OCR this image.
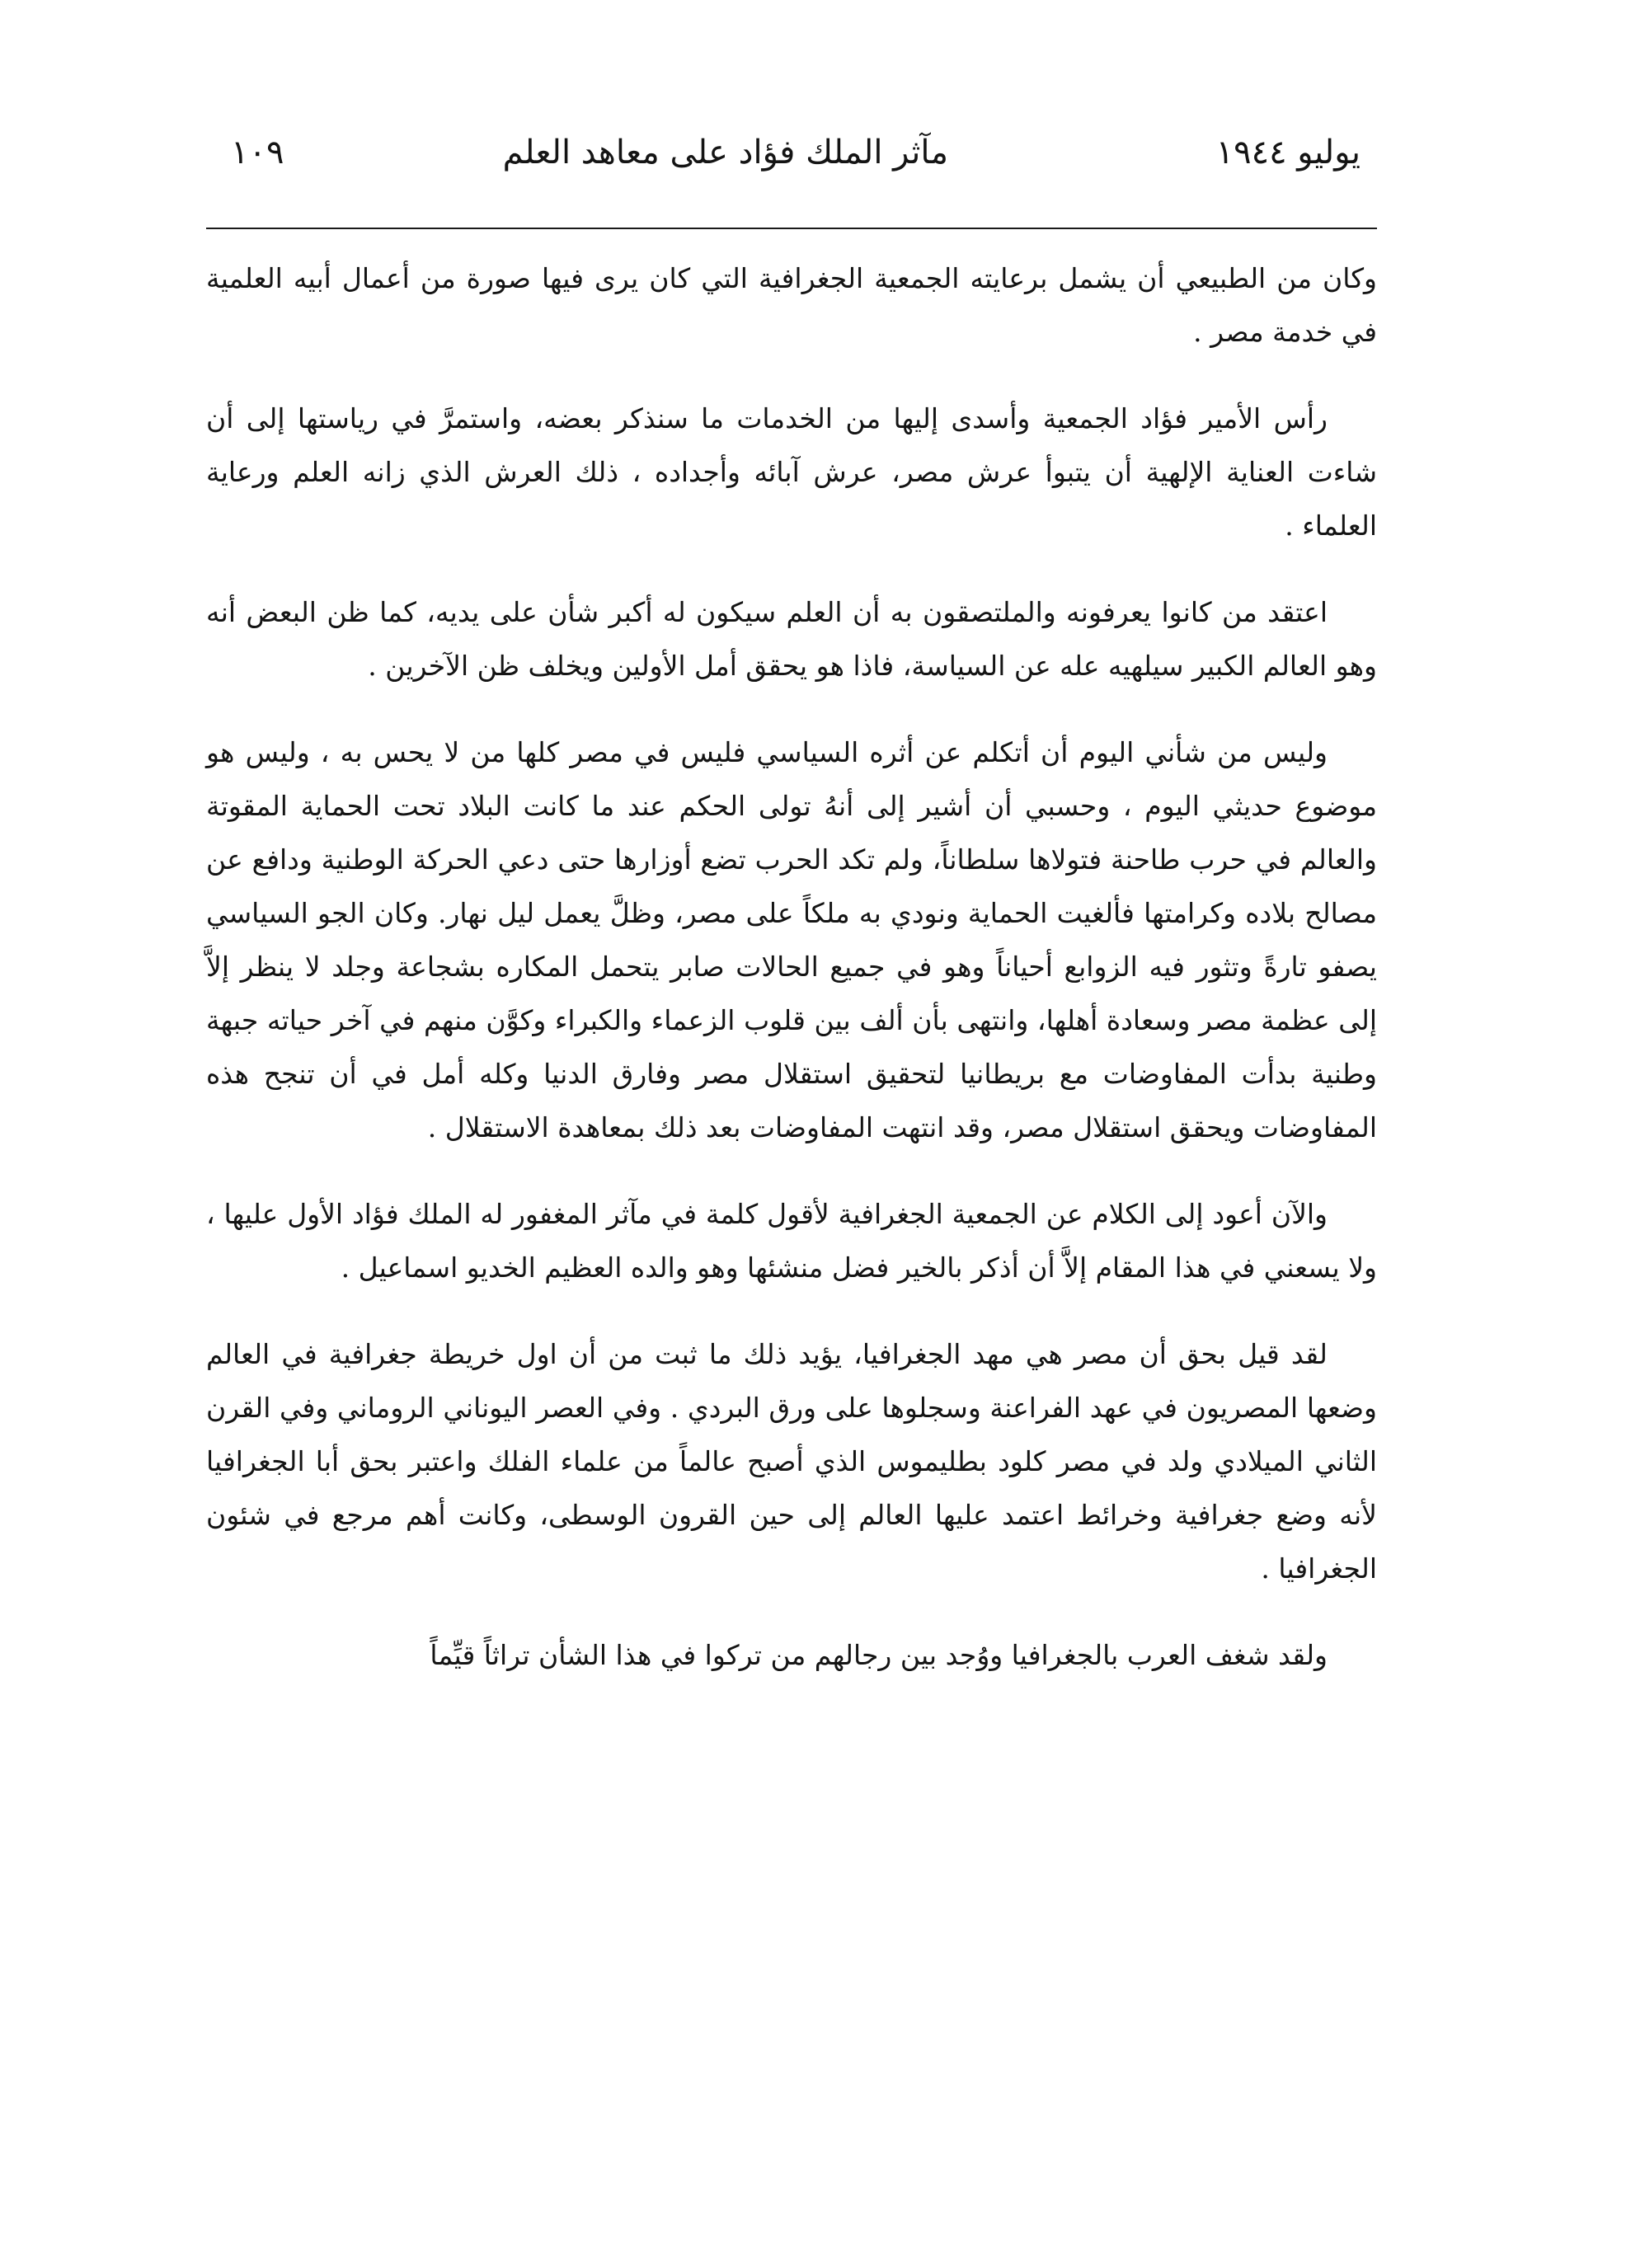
يوليو ١٩٤٤
مآثر الملك فؤاد على معاهد العلم
١٠٩

وكان من الطبيعي أن يشمل برعايته الجمعية الجغرافية التي كان يرى فيها صورة من أعمال أبيه العلمية في خدمة مصر .

رأس الأمير فؤاد الجمعية وأسدى إليها من الخدمات ما سنذكر بعضه، واستمرَّ في رياستها إلى أن شاءت العناية الإلهية أن يتبوأ عرش مصر، عرش آبائه وأجداده ، ذلك العرش الذي زانه العلم ورعاية العلماء .

اعتقد من كانوا يعرفونه والملتصقون به أن العلم سيكون له أكبر شأن على يديه، كما ظن البعض أنه وهو العالم الكبير سيلهيه عله عن السياسة، فاذا هو يحقق أمل الأولين ويخلف ظن الآخرين .

وليس من شأني اليوم أن أتكلم عن أثره السياسي فليس في مصر كلها من لا يحس به ، وليس هو موضوع حديثي اليوم ، وحسبي أن أشير إلى أنهُ تولى الحكم عند ما كانت البلاد تحت الحماية المقوتة والعالم في حرب طاحنة فتولاها سلطاناً، ولم تكد الحرب تضع أوزارها حتى دعي الحركة الوطنية ودافع عن مصالح بلاده وكرامتها فألغيت الحماية ونودي به ملكاً على مصر، وظلَّ يعمل ليل نهار. وكان الجو السياسي يصفو تارةً وتثور فيه الزوابع أحياناً وهو في جميع الحالات صابر يتحمل المكاره بشجاعة وجلد لا ينظر إلاَّ إلى عظمة مصر وسعادة أهلها، وانتهى بأن ألف بين قلوب الزعماء والكبراء وكوَّن منهم في آخر حياته جبهة وطنية بدأت المفاوضات مع بريطانيا لتحقيق استقلال مصر وفارق الدنيا وكله أمل في أن تنجح هذه المفاوضات ويحقق استقلال مصر، وقد انتهت المفاوضات بعد ذلك بمعاهدة الاستقلال .

والآن أعود إلى الكلام عن الجمعية الجغرافية لأقول كلمة في مآثر المغفور له الملك فؤاد الأول عليها ، ولا يسعني في هذا المقام إلاَّ أن أذكر بالخير فضل منشئها وهو والده العظيم الخديو اسماعيل .

لقد قيل بحق أن مصر هي مهد الجغرافيا، يؤيد ذلك ما ثبت من أن اول خريطة جغرافية في العالم وضعها المصريون في عهد الفراعنة وسجلوها على ورق البردي . وفي العصر اليوناني الروماني وفي القرن الثاني الميلادي ولد في مصر كلود بطليموس الذي أصبح عالماً من علماء الفلك واعتبر بحق أبا الجغرافيا لأنه وضع جغرافية وخرائط اعتمد عليها العالم إلى حين القرون الوسطى، وكانت أهم مرجع في شئون الجغرافيا .

ولقد شغف العرب بالجغرافيا ووُجد بين رجالهم من تركوا في هذا الشأن تراثاً قيِّماً
